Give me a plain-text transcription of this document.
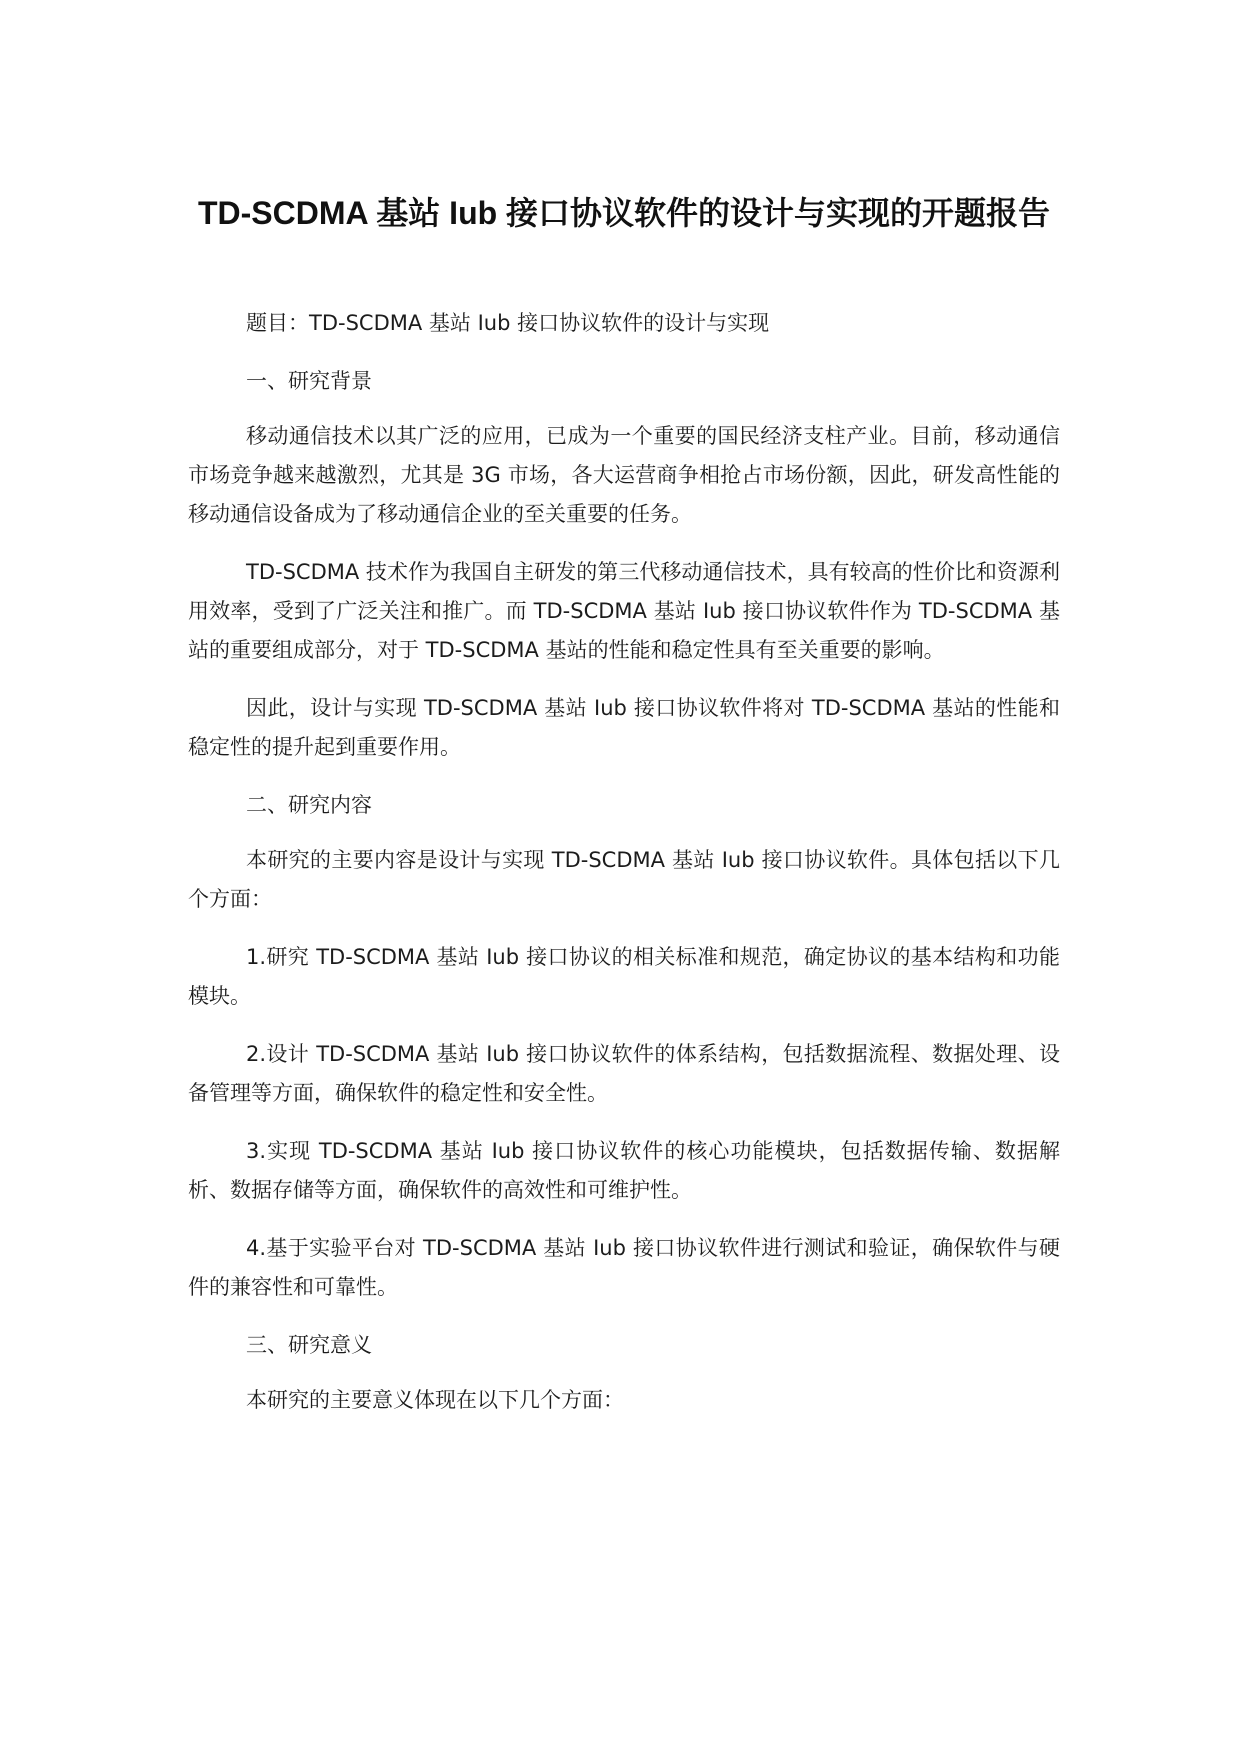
TD-SCDMA 基站 Iub 接口协议软件的设计与实现的开题报告

题目：TD-SCDMA 基站 Iub 接口协议软件的设计与实现

一、研究背景

移动通信技术以其广泛的应用，已成为一个重要的国民经济支柱产业。目前，移动通信市场竞争越来越激烈，尤其是 3G 市场，各大运营商争相抢占市场份额，因此，研发高性能的移动通信设备成为了移动通信企业的至关重要的任务。

TD-SCDMA 技术作为我国自主研发的第三代移动通信技术，具有较高的性价比和资源利用效率，受到了广泛关注和推广。而 TD-SCDMA 基站 Iub 接口协议软件作为 TD-SCDMA 基站的重要组成部分，对于 TD-SCDMA 基站的性能和稳定性具有至关重要的影响。

因此，设计与实现 TD-SCDMA 基站 Iub 接口协议软件将对 TD-SCDMA 基站的性能和稳定性的提升起到重要作用。

二、研究内容

本研究的主要内容是设计与实现 TD-SCDMA 基站 Iub 接口协议软件。具体包括以下几个方面：

1.研究 TD-SCDMA 基站 Iub 接口协议的相关标准和规范，确定协议的基本结构和功能模块。

2.设计 TD-SCDMA 基站 Iub 接口协议软件的体系结构，包括数据流程、数据处理、设备管理等方面，确保软件的稳定性和安全性。

3.实现 TD-SCDMA 基站 Iub 接口协议软件的核心功能模块，包括数据传输、数据解析、数据存储等方面，确保软件的高效性和可维护性。

4.基于实验平台对 TD-SCDMA 基站 Iub 接口协议软件进行测试和验证，确保软件与硬件的兼容性和可靠性。

三、研究意义

本研究的主要意义体现在以下几个方面：
